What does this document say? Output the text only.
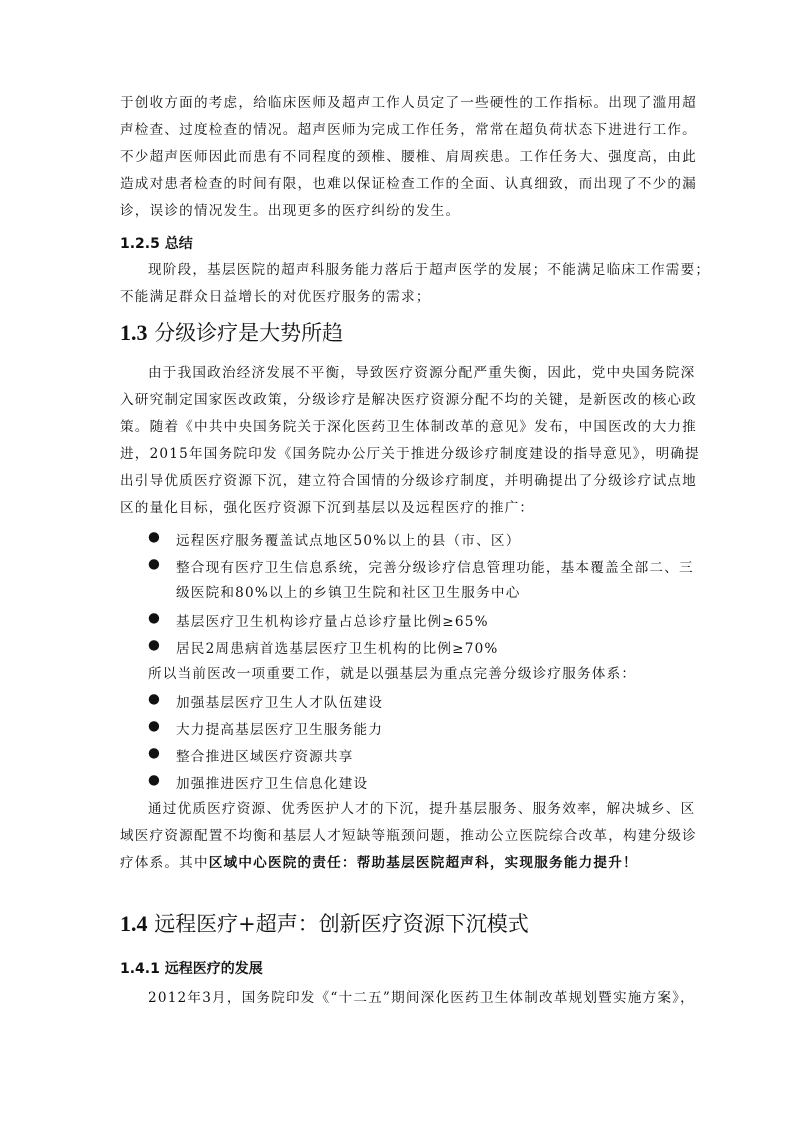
于创收方面的考虑，给临床医师及超声工作人员定了一些硬性的工作指标。出现了滥用超
声检查、过度检查的情况。超声医师为完成工作任务，常常在超负荷状态下进进行工作。
不少超声医师因此而患有不同程度的颈椎、腰椎、肩周疾患。工作任务大、强度高，由此
造成对患者检查的时间有限，也难以保证检查工作的全面、认真细致，而出现了不少的漏
诊，误诊的情况发生。出现更多的医疗纠纷的发生。
1.2.5 总结
现阶段，基层医院的超声科服务能力落后于超声医学的发展；不能满足临床工作需要；
不能满足群众日益增长的对优医疗服务的需求；
1.3 分级诊疗是大势所趋
由于我国政治经济发展不平衡，导致医疗资源分配严重失衡，因此，党中央国务院深
入研究制定国家医改政策，分级诊疗是解决医疗资源分配不均的关键，是新医改的核心政
策。随着《中共中央国务院关于深化医药卫生体制改革的意见》发布，中国医改的大力推
进，2015年国务院印发《国务院办公厅关于推进分级诊疗制度建设的指导意见》，明确提
出引导优质医疗资源下沉，建立符合国情的分级诊疗制度，并明确提出了分级诊疗试点地
区的量化目标，强化医疗资源下沉到基层以及远程医疗的推广：
● 远程医疗服务覆盖试点地区50%以上的县（市、区）
● 整合现有医疗卫生信息系统，完善分级诊疗信息管理功能，基本覆盖全部二、三
级医院和80%以上的乡镇卫生院和社区卫生服务中心
● 基层医疗卫生机构诊疗量占总诊疗量比例≥65%
● 居民2周患病首选基层医疗卫生机构的比例≥70%
所以当前医改一项重要工作，就是以强基层为重点完善分级诊疗服务体系：
● 加强基层医疗卫生人才队伍建设
● 大力提高基层医疗卫生服务能力
● 整合推进区域医疗资源共享
● 加强推进医疗卫生信息化建设
通过优质医疗资源、优秀医护人才的下沉，提升基层服务、服务效率，解决城乡、区
域医疗资源配置不均衡和基层人才短缺等瓶颈问题，推动公立医院综合改革，构建分级诊
疗体系。其中区域中心医院的责任：帮助基层医院超声科，实现服务能力提升！
1.4 远程医疗+超声：创新医疗资源下沉模式
1.4.1 远程医疗的发展
2012年3月，国务院印发《“十二五”期间深化医药卫生体制改革规划暨实施方案》，
